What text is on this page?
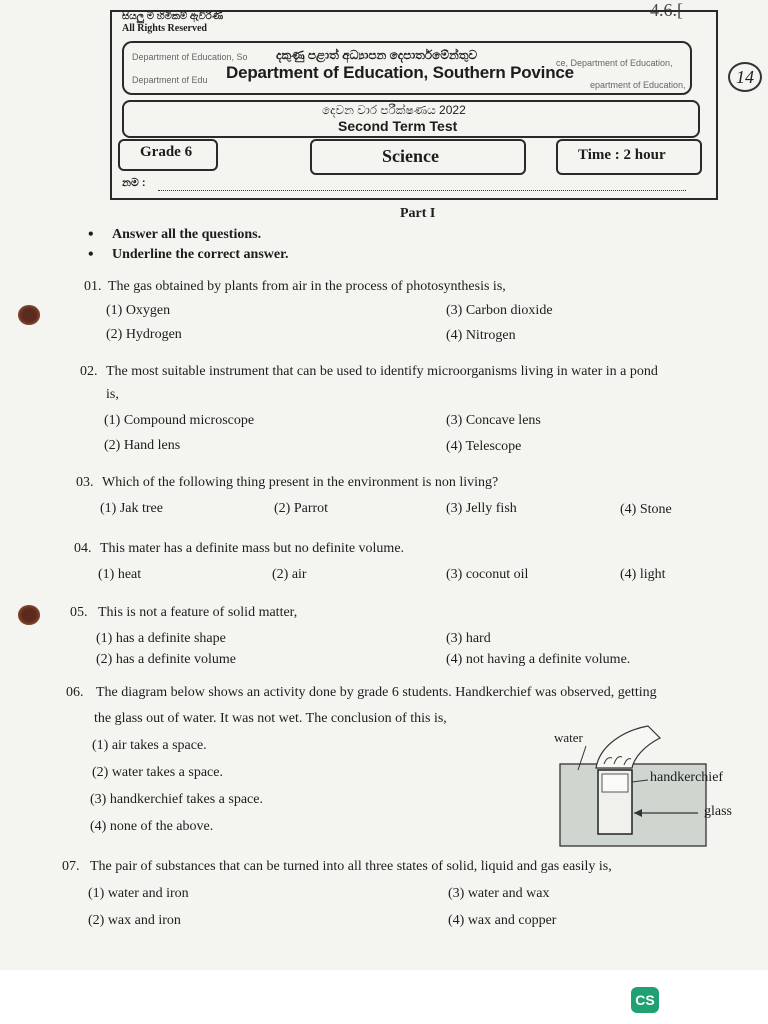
සියලු ම හිමිකම් ඇවිරිණි
All Rights Reserved
4.6.[
Department of Education, So
ce, Department of Education,
Department of Edu	epartment of Education,
දකුණු පළාත් අධ්‍යාපන දෙපාර්තමේන්තුව
Department of Education, Southern Povince	14
දෙවන වාර පරීක්ෂණය 2022
Second Term Test
Grade 6	Science	Time : 2 hour
නම :
Part I
• Answer all the questions.
• Underline the correct answer.
01. The gas obtained by plants from air in the process of photosynthesis is,
(1) Oxygen	(3) Carbon dioxide
(2) Hydrogen	(4) Nitrogen
02. The most suitable instrument that can be used to identify microorganisms living in water in a pond
is,
(1) Compound microscope	(3) Concave lens
(2) Hand lens	(4) Telescope
03. Which of the following thing present in the environment is non living?
(1) Jak tree	(2) Parrot	(3) Jelly fish	(4) Stone
04. This mater has a definite mass but no definite volume.
(1) heat	(2) air	(3) coconut oil	(4) light
05. This is not a feature of solid matter,
(1) has a definite shape	(3) hard
(2) has a definite volume	(4) not having a definite volume.
06. The diagram below shows an activity done by grade 6 students. Handkerchief was observed, getting
the glass out of water. It was not wet. The conclusion of this is,
(1) air takes a space.
(2) water takes a space.
(3) handkerchief takes a space.
(4) none of the above.
water
handkerchief
glass
07. The pair of substances that can be turned into all three states of solid, liquid and gas easily is,
(1) water and iron	(3) water and wax
(2) wax and iron	(4) wax and copper
CS
